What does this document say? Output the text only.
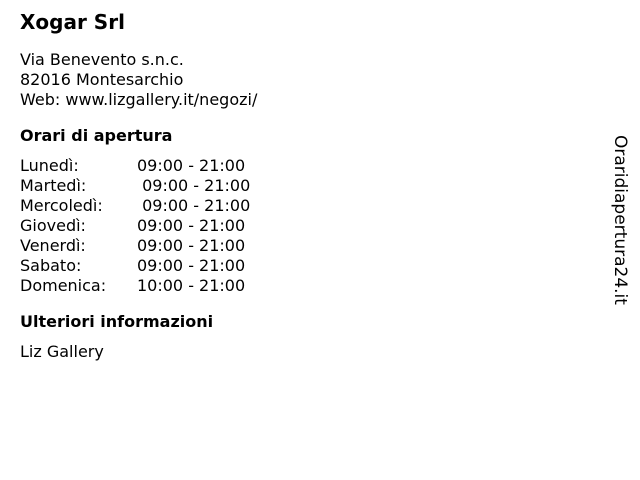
Xogar Srl

Via Benevento s.n.c.

82016 Montesarchio

Web: www.lizgallery.it/negozi/

Orari di apertura
Lunedì:	09:00 - 21:00
Martedì:	09:00 - 21:00
Mercoledì:	09:00 - 21:00
Giovedì:	09:00 - 21:00
Venerdì:	09:00 - 21:00
Sabato:	09:00 - 21:00
Domenica:	10:00 - 21:00
Ulteriori informazioni

Liz Gallery

Oraridiapertura24.it
